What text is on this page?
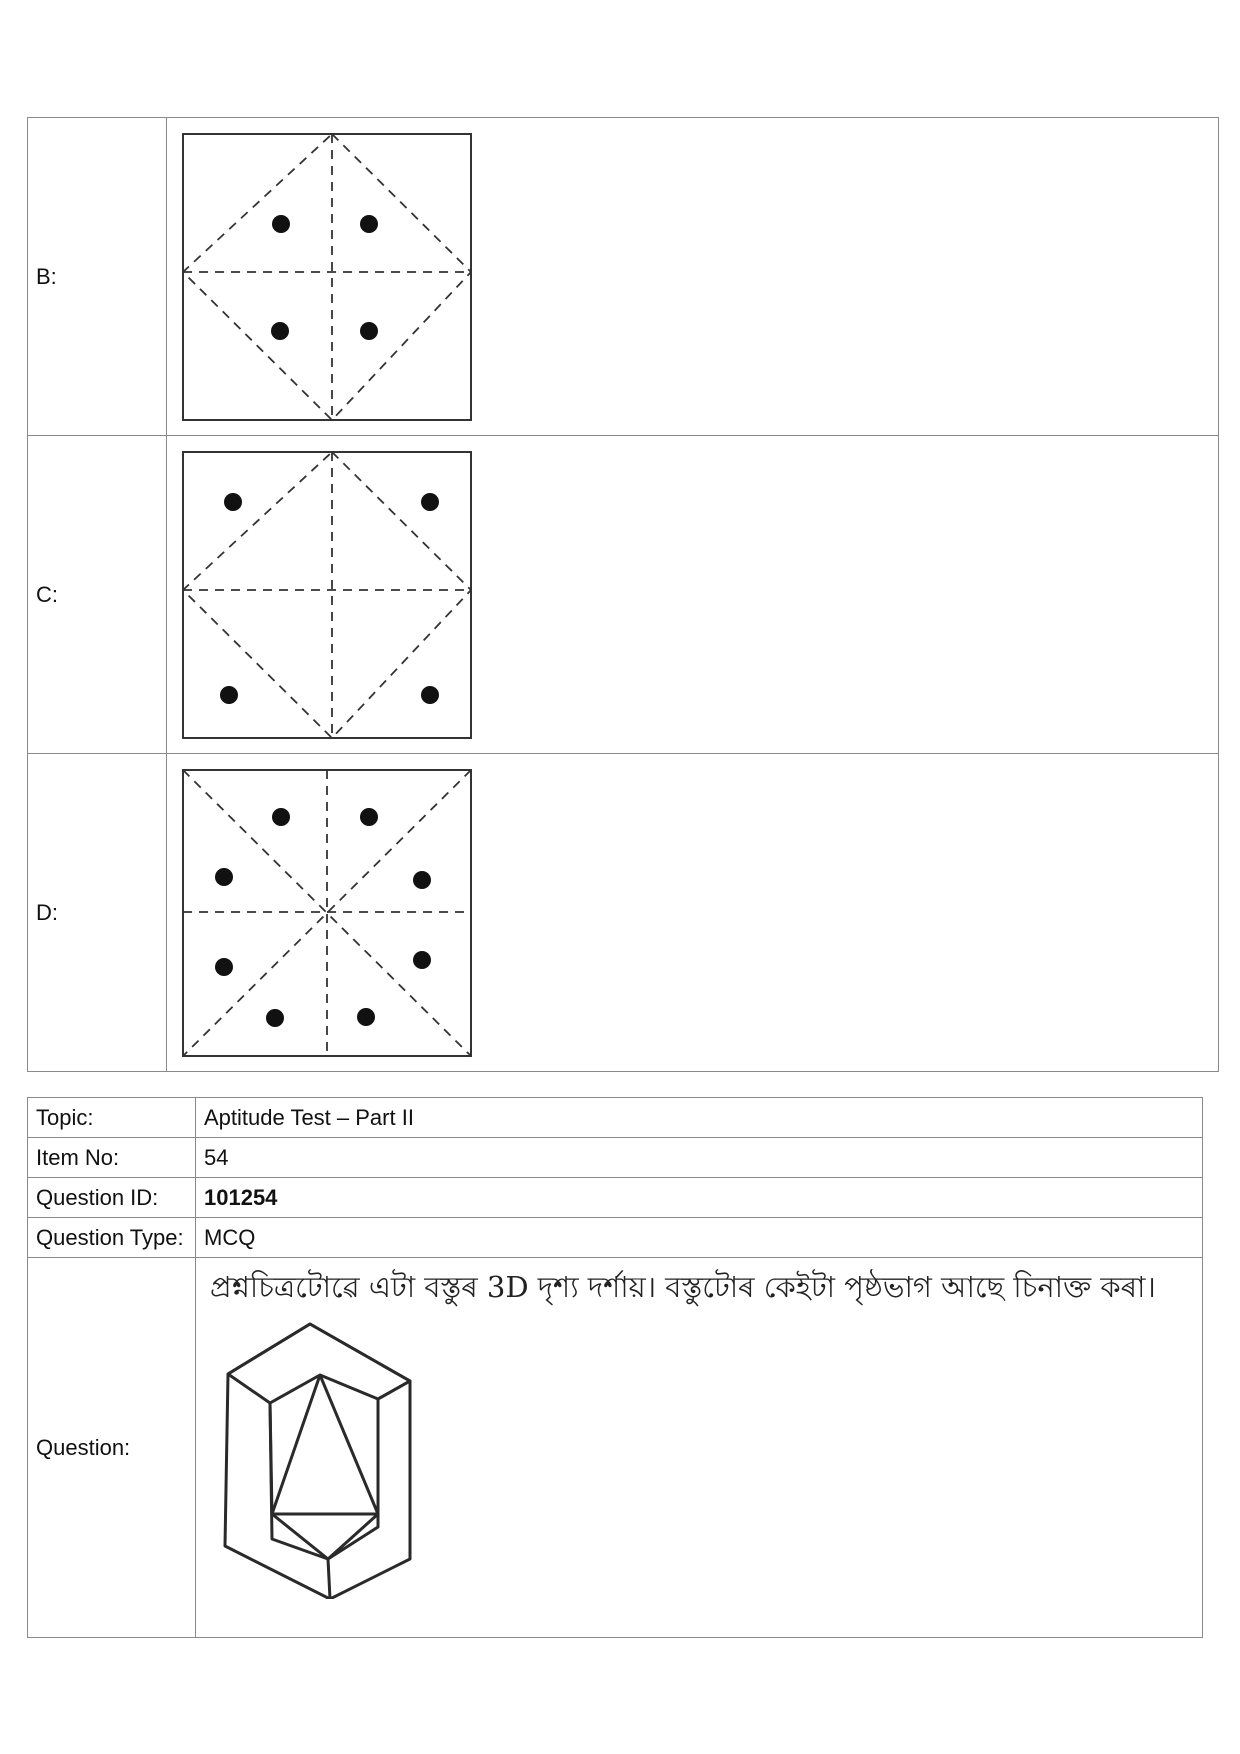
B:	

C:	

D:	
Topic:	Aptitude Test – Part II
Item No:	54
Question ID:	101254
Question Type:	MCQ
Question:	প্ৰশ্নচিত্ৰটোৱে এটা বস্তুৰ 3D দৃশ্য দৰ্শায়। বস্তুটোৰ কেইটা পৃষ্ঠভাগ আছে চিনাক্ত কৰা।
